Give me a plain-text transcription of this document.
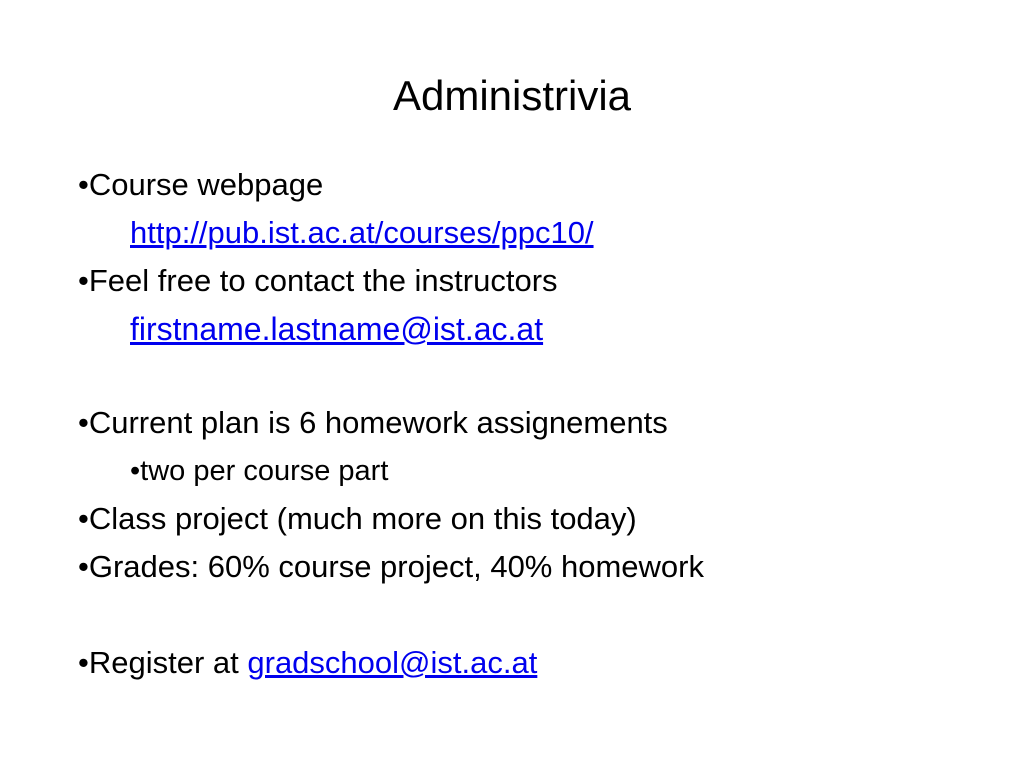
Administrivia
•Course webpage
http://pub.ist.ac.at/courses/ppc10/
•Feel free to contact the instructors
firstname.lastname@ist.ac.at
•Current plan is 6 homework assignements
•two per course part
•Class project (much more on this today)
•Grades: 60% course project, 40% homework
•Register at gradschool@ist.ac.at
